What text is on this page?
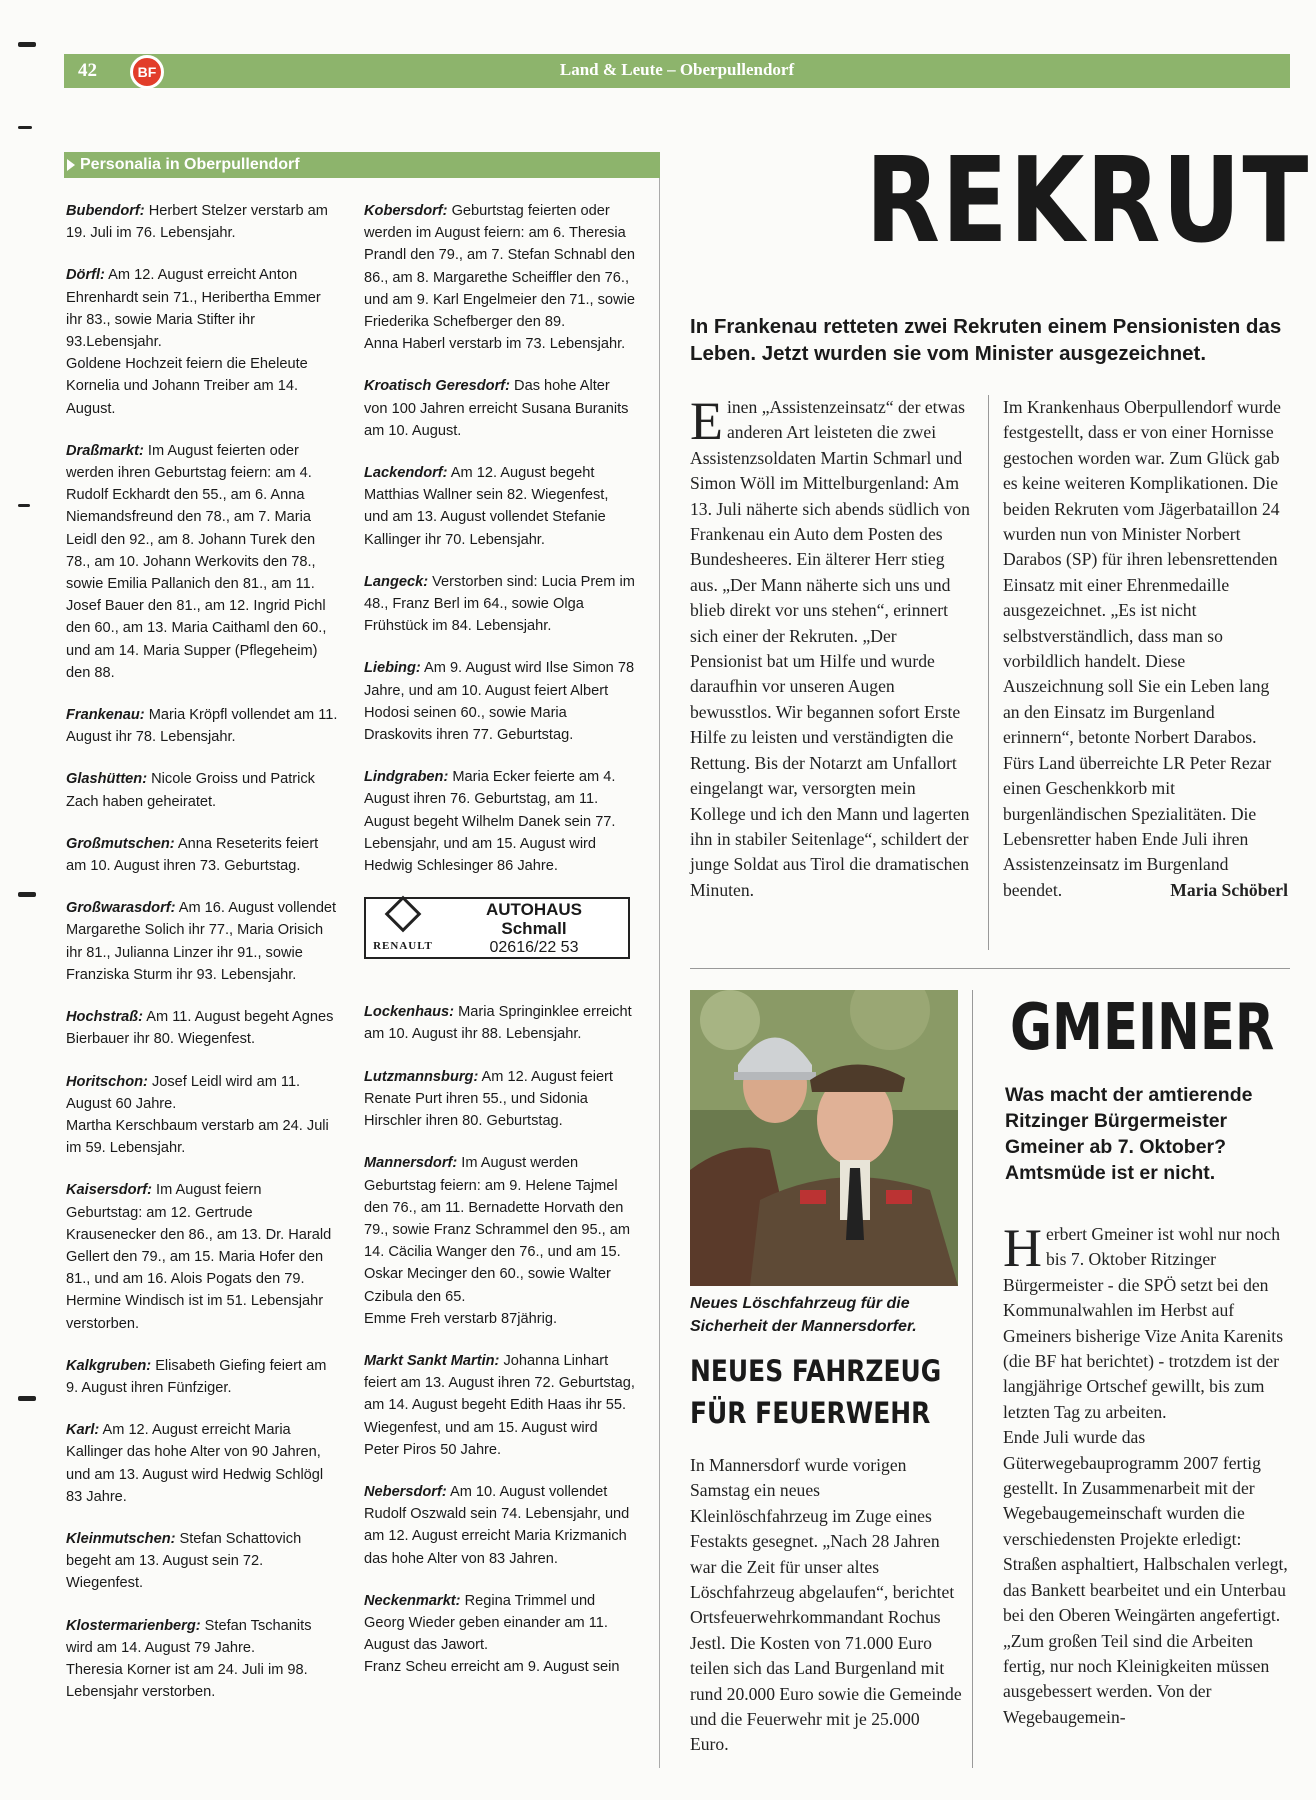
42	BF	Land & Leute – Oberpullendorf
Personalia in Oberpullendorf
Bubendorf: Herbert Stelzer verstarb am 19. Juli im 76. Lebensjahr.
Dörfl: Am 12. August erreicht Anton Ehrenhardt sein 71., Heribertha Emmer ihr 83., sowie Maria Stifter ihr 93.Lebensjahr.
Goldene Hochzeit feiern die Eheleute Kornelia und Johann Treiber am 14. August.
Draßmarkt: Im August feierten oder werden ihren Geburtstag feiern: am 4. Rudolf Eckhardt den 55., am 6. Anna Niemandsfreund den 78., am 7. Maria Leidl den 92., am 8. Johann Turek den 78., am 10. Johann Werkovits den 78., sowie Emilia Pallanich den 81., am 11. Josef Bauer den 81., am 12. Ingrid Pichl den 60., am 13. Maria Caithaml den 60., und am 14. Maria Supper (Pflegeheim) den 88.
Frankenau: Maria Kröpfl vollendet am 11. August ihr 78. Lebensjahr.
Glashütten: Nicole Groiss und Patrick Zach haben geheiratet.
Großmutschen: Anna Reseterits feiert am 10. August ihren 73. Geburtstag.
Großwarasdorf: Am 16. August vollendet Margarethe Solich ihr 77., Maria Orisich ihr 81., Julianna Linzer ihr 91., sowie Franziska Sturm ihr 93. Lebensjahr.
Hochstraß: Am 11. August begeht Agnes Bierbauer ihr 80. Wiegenfest.
Horitschon: Josef Leidl wird am 11. August 60 Jahre.
Martha Kerschbaum verstarb am 24. Juli im 59. Lebensjahr.
Kaisersdorf: Im August feiern Geburtstag: am 12. Gertrude Krausenecker den 86., am 13. Dr. Harald Gellert den 79., am 15. Maria Hofer den 81., und am 16. Alois Pogats den 79.
Hermine Windisch ist im 51. Lebensjahr verstorben.
Kalkgruben: Elisabeth Giefing feiert am 9. August ihren Fünfziger.
Karl: Am 12. August erreicht Maria Kallinger das hohe Alter von 90 Jahren, und am 13. August wird Hedwig Schlögl 83 Jahre.
Kleinmutschen: Stefan Schattovich begeht am 13. August sein 72. Wiegenfest.
Klostermarienberg: Stefan Tschanits wird am 14. August 79 Jahre.
Theresia Korner ist am 24. Juli im 98. Lebensjahr verstorben.
Kobersdorf: Geburtstag feierten oder werden im August feiern: am 6. Theresia Prandl den 79., am 7. Stefan Schnabl den 86., am 8. Margarethe Scheiffler den 76., und am 9. Karl Engelmeier den 71., sowie Friederika Schefberger den 89.
Anna Haberl verstarb im 73. Lebensjahr.
Kroatisch Geresdorf: Das hohe Alter von 100 Jahren erreicht Susana Buranits am 10. August.
Lackendorf: Am 12. August begeht Matthias Wallner sein 82. Wiegenfest, und am 13. August vollendet Stefanie Kallinger ihr 70. Lebensjahr.
Langeck: Verstorben sind: Lucia Prem im 48., Franz Berl im 64., sowie Olga Frühstück im 84. Lebensjahr.
Liebing: Am 9. August wird Ilse Simon 78 Jahre, und am 10. August feiert Albert Hodosi seinen 60., sowie Maria Draskovits ihren 77. Geburtstag.
Lindgraben: Maria Ecker feierte am 4. August ihren 76. Geburtstag, am 11. August begeht Wilhelm Danek sein 77. Lebensjahr, und am 15. August wird Hedwig Schlesinger 86 Jahre.
RENAULT
AUTOHAUS
Schmall
02616/22 53
Lockenhaus: Maria Springinklee erreicht am 10. August ihr 88. Lebensjahr.
Lutzmannsburg: Am 12. August feiert Renate Purt ihren 55., und Sidonia Hirschler ihren 80. Geburtstag.
Mannersdorf: Im August werden Geburtstag feiern: am 9. Helene Tajmel den 76., am 11. Bernadette Horvath den 79., sowie Franz Schrammel den 95., am 14. Cäcilia Wanger den 76., und am 15. Oskar Mecinger den 60., sowie Walter Czibula den 65.
Emme Freh verstarb 87jährig.
Markt Sankt Martin: Johanna Linhart feiert am 13. August ihren 72. Geburtstag, am 14. August begeht Edith Haas ihr 55. Wiegenfest, und am 15. August wird Peter Piros 50 Jahre.
Nebersdorf: Am 10. August vollendet Rudolf Oszwald sein 74. Lebensjahr, und am 12. August erreicht Maria Krizmanich das hohe Alter von 83 Jahren.
Neckenmarkt: Regina Trimmel und Georg Wieder geben einander am 11. August das Jawort.
Franz Scheu erreicht am 9. August sein
REKRUT
In Frankenau retteten zwei Rekruten einem Pensionisten das Leben. Jetzt wurden sie vom Minister ausgezeichnet.
Einen „Assistenzeinsatz“ der etwas anderen Art leisteten die zwei Assistenzsoldaten Martin Schmarl und Simon Wöll im Mittelburgenland: Am 13. Juli näherte sich abends südlich von Frankenau ein Auto dem Posten des Bundesheeres. Ein älterer Herr stieg aus. „Der Mann näherte sich uns und blieb direkt vor uns stehen“, erinnert sich einer der Rekruten. „Der Pensionist bat um Hilfe und wurde daraufhin vor unseren Augen bewusstlos. Wir begannen sofort Erste Hilfe zu leisten und verständigten die Rettung. Bis der Notarzt am Unfallort eingelangt war, versorgten mein Kollege und ich den Mann und lagerten ihn in stabiler Seitenlage“, schildert der junge Soldat aus Tirol die dramatischen Minuten.
Im Krankenhaus Oberpullendorf wurde festgestellt, dass er von einer Hornisse gestochen worden war. Zum Glück gab es keine weiteren Komplikationen. Die beiden Rekruten vom Jägerbataillon 24 wurden nun von Minister Norbert Darabos (SP) für ihren lebensrettenden Einsatz mit einer Ehrenmedaille ausgezeichnet. „Es ist nicht selbstverständlich, dass man so vorbildlich handelt. Diese Auszeichnung soll Sie ein Leben lang an den Einsatz im Burgenland erinnern“, betonte Norbert Darabos. Fürs Land überreichte LR Peter Rezar einen Geschenkkorb mit burgenländischen Spezialitäten. Die Lebensretter haben Ende Juli ihren Assistenzeinsatz im Burgenland beendet.	Maria Schöberl
Neues Löschfahrzeug für die Sicherheit der Mannersdorfer.
NEUES FAHRZEUG
FÜR FEUERWEHR
In Mannersdorf wurde vorigen Samstag ein neues Kleinlöschfahrzeug im Zuge eines Festakts gesegnet. „Nach 28 Jahren war die Zeit für unser altes Löschfahrzeug abgelaufen“, berichtet Ortsfeuerwehrkommandant Rochus Jestl. Die Kosten von 71.000 Euro teilen sich das Land Burgenland mit rund 20.000 Euro sowie die Gemeinde und die Feuerwehr mit je 25.000 Euro.
GMEINER
Was macht der amtierende Ritzinger Bürgermeister Gmeiner ab 7. Oktober? Amtsmüde ist er nicht.
Herbert Gmeiner ist wohl nur noch bis 7. Oktober Ritzinger Bürgermeister - die SPÖ setzt bei den Kommunalwahlen im Herbst auf Gmeiners bisherige Vize Anita Karenits (die BF hat berichtet) - trotzdem ist der langjährige Ortschef gewillt, bis zum letzten Tag zu arbeiten.
Ende Juli wurde das Güterwegebauprogramm 2007 fertig gestellt. In Zusammenarbeit mit der Wegebaugemeinschaft wurden die verschiedensten Projekte erledigt: Straßen asphaltiert, Halbschalen verlegt, das Bankett bearbeitet und ein Unterbau bei den Oberen Weingärten angefertigt. „Zum großen Teil sind die Arbeiten fertig, nur noch Kleinigkeiten müssen ausgebessert werden. Von der Wegebaugemein-
